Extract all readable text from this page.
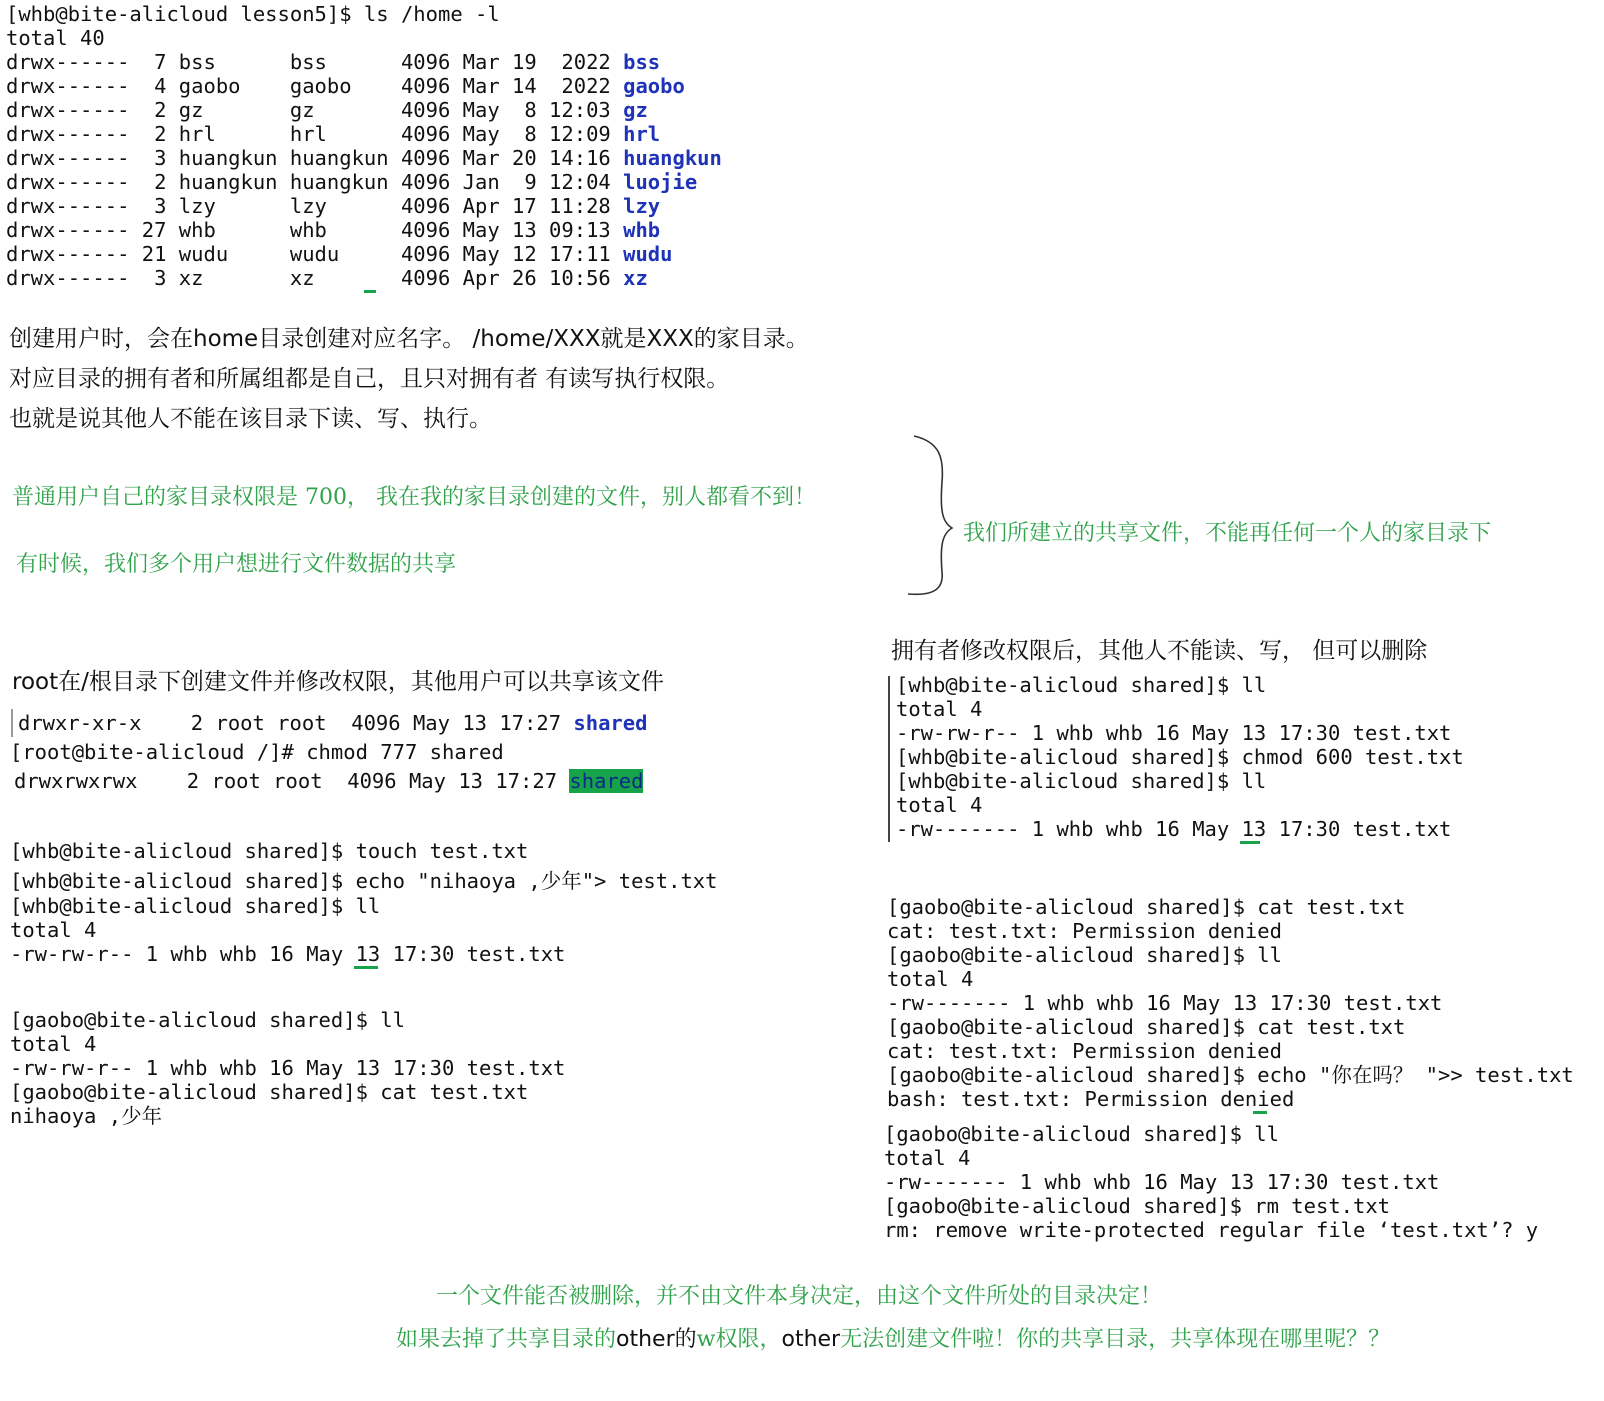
[whb@bite-alicloud lesson5]$ ls /home -l
total 40
drwx------  7 bss      bss      4096 Mar 19  2022 bss
drwx------  4 gaobo    gaobo    4096 Mar 14  2022 gaobo
drwx------  2 gz       gz       4096 May  8 12:03 gz
drwx------  2 hrl      hrl      4096 May  8 12:09 hrl
drwx------  3 huangkun huangkun 4096 Mar 20 14:16 huangkun
drwx------  2 huangkun huangkun 4096 Jan  9 12:04 luojie
drwx------  3 lzy      lzy      4096 Apr 17 11:28 lzy
drwx------ 27 whb      whb      4096 May 13 09:13 whb
drwx------ 21 wudu     wudu     4096 May 12 17:11 wudu
drwx------  3 xz       xz       4096 Apr 26 10:56 xz
创建用户时，会在home目录创建对应名字。 /home/XXX就是XXX的家目录。
对应目录的拥有者和所属组都是自己，且只对拥有者 有读写执行权限。
也就是说其他人不能在该目录下读、写、执行。
普通用户自己的家目录权限是 700， 我在我的家目录创建的文件，别人都看不到！
有时候，我们多个用户想进行文件数据的共享
我们所建立的共享文件，不能再任何一个人的家目录下
root在/根目录下创建文件并修改权限，其他用户可以共享该文件
drwxr-xr-x    2 root root  4096 May 13 17:27 shared
[root@bite-alicloud /]# chmod 777 shared
drwxrwxrwx    2 root root  4096 May 13 17:27 shared
[whb@bite-alicloud shared]$ touch test.txt
[whb@bite-alicloud shared]$ echo "nihaoya ,少年"> test.txt
[whb@bite-alicloud shared]$ ll
total 4
-rw-rw-r-- 1 whb whb 16 May 13 17:30 test.txt
[gaobo@bite-alicloud shared]$ ll
total 4
-rw-rw-r-- 1 whb whb 16 May 13 17:30 test.txt
[gaobo@bite-alicloud shared]$ cat test.txt
nihaoya ,少年
拥有者修改权限后，其他人不能读、写， 但可以删除
[whb@bite-alicloud shared]$ ll
total 4
-rw-rw-r-- 1 whb whb 16 May 13 17:30 test.txt
[whb@bite-alicloud shared]$ chmod 600 test.txt
[whb@bite-alicloud shared]$ ll
total 4
-rw------- 1 whb whb 16 May 13 17:30 test.txt
[gaobo@bite-alicloud shared]$ cat test.txt
cat: test.txt: Permission denied
[gaobo@bite-alicloud shared]$ ll
total 4
-rw------- 1 whb whb 16 May 13 17:30 test.txt
[gaobo@bite-alicloud shared]$ cat test.txt
cat: test.txt: Permission denied
[gaobo@bite-alicloud shared]$ echo "你在吗？ ">> test.txt
bash: test.txt: Permission denied
[gaobo@bite-alicloud shared]$ ll
total 4
-rw------- 1 whb whb 16 May 13 17:30 test.txt
[gaobo@bite-alicloud shared]$ rm test.txt
rm: remove write-protected regular file ‘test.txt’? y
一个文件能否被删除，并不由文件本身决定，由这个文件所处的目录决定！
如果去掉了共享目录的other的w权限，other无法创建文件啦！你的共享目录，共享体现在哪里呢？？
